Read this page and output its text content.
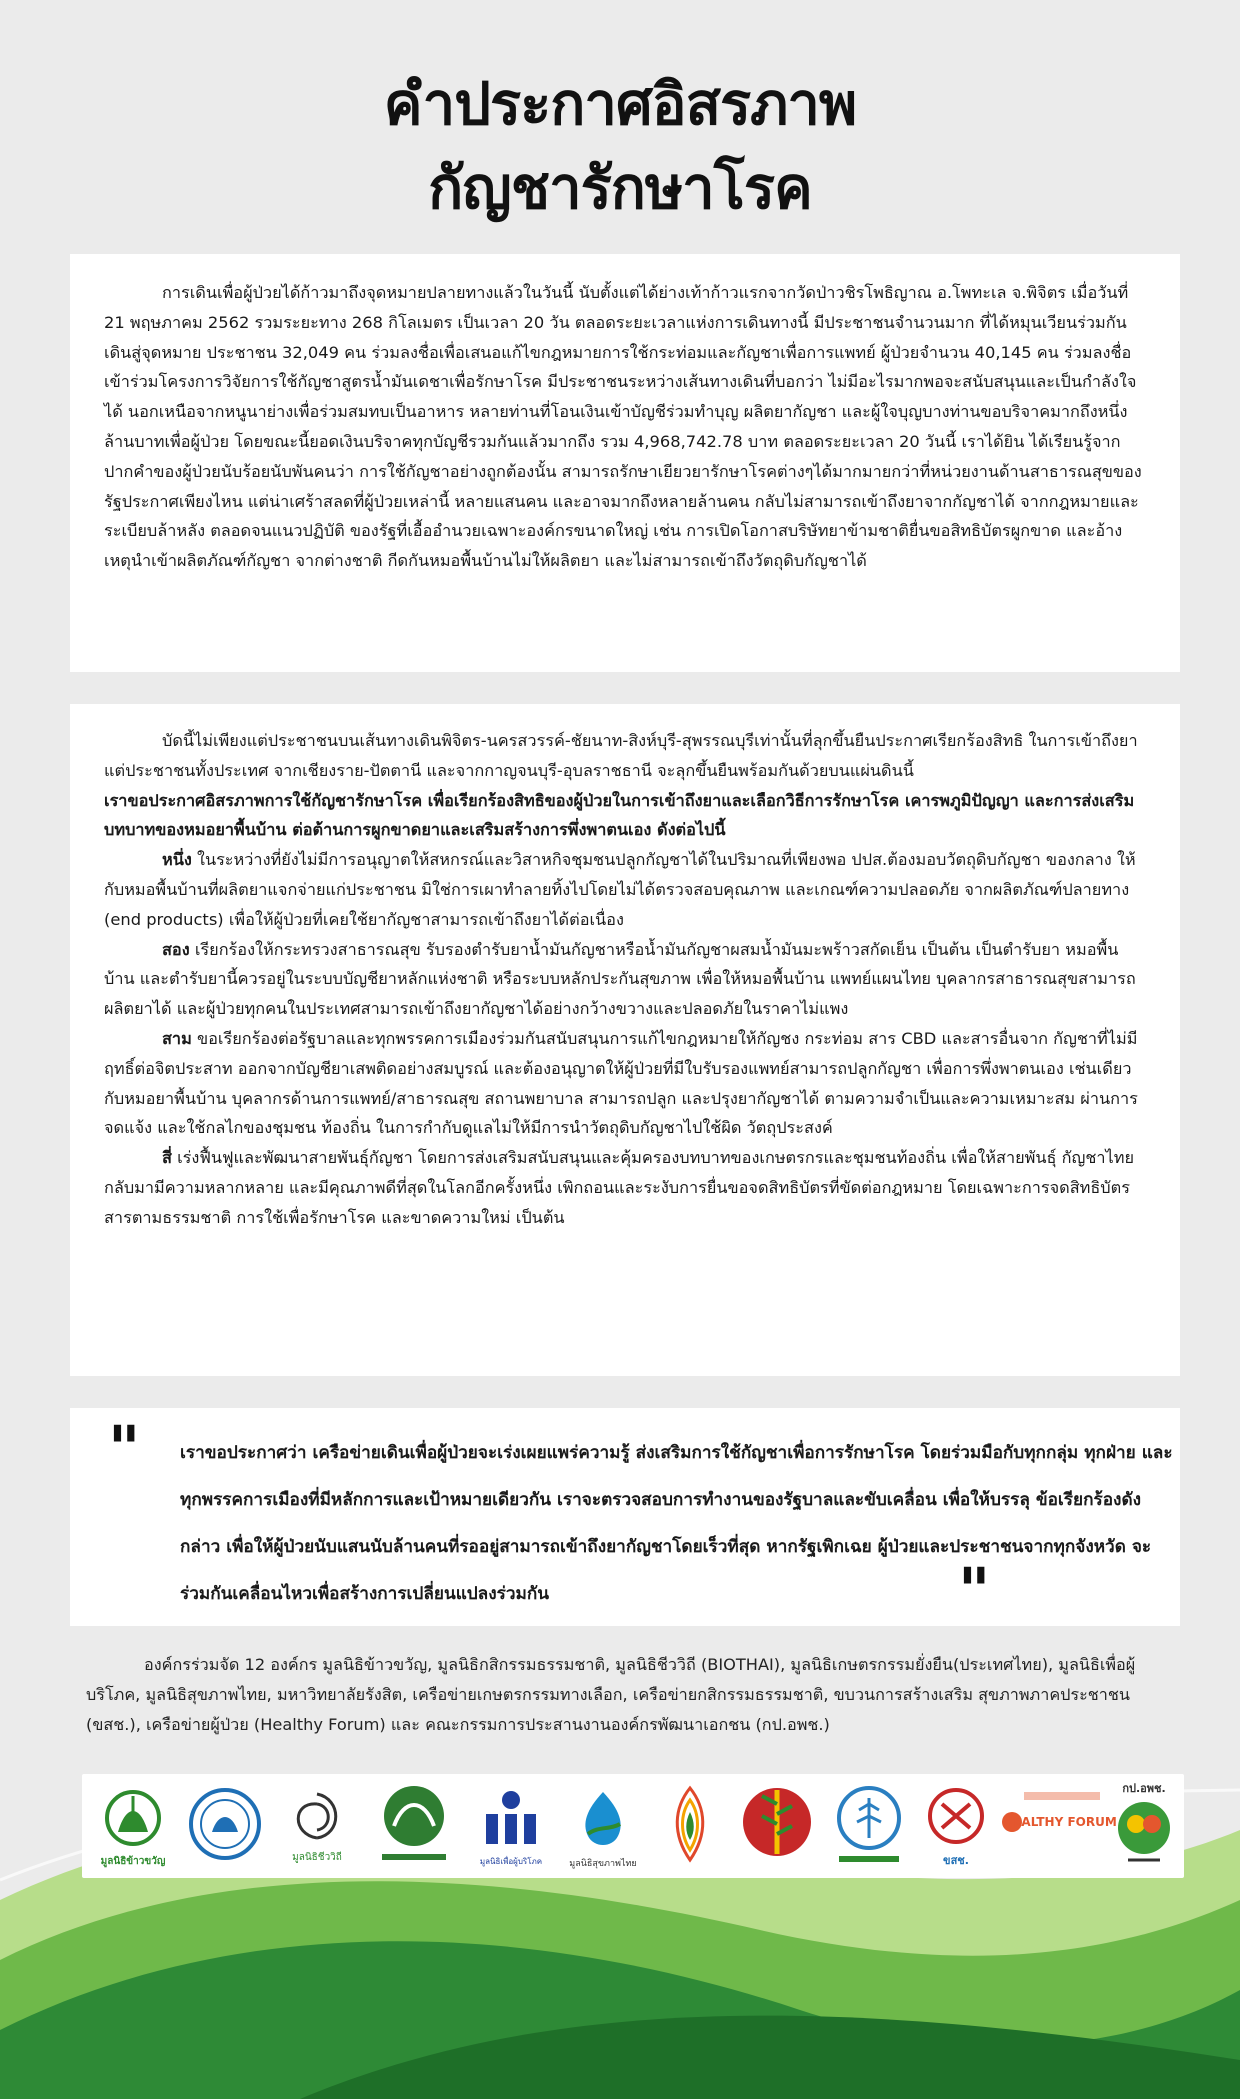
คำประกาศอิสรภาพ
กัญชารักษาโรค

การเดินเพื่อผู้ป่วยได้ก้าวมาถึงจุดหมายปลายทางแล้วในวันนี้ นับตั้งแต่ได้ย่างเท้าก้าวแรกจากวัดป่าวชิรโพธิญาณ อ.โพทะเล จ.พิจิตร เมื่อวันที่ 21 พฤษภาคม 2562 รวมระยะทาง 268 กิโลเมตร เป็นเวลา 20 วัน ตลอดระยะเวลาแห่งการเดินทางนี้ มีประชาชนจำนวนมาก ที่ได้หมุนเวียนร่วมกันเดินสู่จุดหมาย ประชาชน 32,049 คน ร่วมลงชื่อเพื่อเสนอแก้ไขกฎหมายการใช้กระท่อมและกัญชาเพื่อการแพทย์ ผู้ป่วยจำนวน 40,145 คน ร่วมลงชื่อเข้าร่วมโครงการวิจัยการใช้กัญชาสูตรน้ำมันเดชาเพื่อรักษาโรค มีประชาชนระหว่างเส้นทางเดินที่บอกว่า ไม่มีอะไรมากพอจะสนับสนุนและเป็นกำลังใจได้ นอกเหนือจากหนูนาย่างเพื่อร่วมสมทบเป็นอาหาร หลายท่านที่โอนเงินเข้าบัญชีร่วมทำบุญ ผลิตยากัญชา และผู้ใจบุญบางท่านขอบริจาคมากถึงหนึ่งล้านบาทเพื่อผู้ป่วย โดยขณะนี้ยอดเงินบริจาคทุกบัญชีรวมกันแล้วมากถึง รวม 4,968,742.78 บาท ตลอดระยะเวลา 20 วันนี้ เราได้ยิน ได้เรียนรู้จากปากคำของผู้ป่วยนับร้อยนับพันคนว่า การใช้กัญชาอย่างถูกต้องนั้น สามารถรักษาเยียวยารักษาโรคต่างๆได้มากมายกว่าที่หน่วยงานด้านสาธารณสุขของรัฐประกาศเพียงไหน แต่น่าเศร้าสลดที่ผู้ป่วยเหล่านี้ หลายแสนคน และอาจมากถึงหลายล้านคน กลับไม่สามารถเข้าถึงยาจากกัญชาได้ จากกฎหมายและระเบียบล้าหลัง ตลอดจนแนวปฏิบัติ ของรัฐที่เอื้ออำนวยเฉพาะองค์กรขนาดใหญ่ เช่น การเปิดโอกาสบริษัทยาข้ามชาติยื่นขอสิทธิบัตรผูกขาด และอ้างเหตุนำเข้าผลิตภัณฑ์กัญชา จากต่างชาติ กีดกันหมอพื้นบ้านไม่ให้ผลิตยา และไม่สามารถเข้าถึงวัตถุดิบกัญชาได้

บัดนี้ไม่เพียงแต่ประชาชนบนเส้นทางเดินพิจิตร-นครสวรรค์-ชัยนาท-สิงห์บุรี-สุพรรณบุรีเท่านั้นที่ลุกขึ้นยืนประกาศเรียกร้องสิทธิ ในการเข้าถึงยา แต่ประชาชนทั้งประเทศ จากเชียงราย-ปัตตานี และจากกาญจนบุรี-อุบลราชธานี จะลุกขึ้นยืนพร้อมกันด้วยบนแผ่นดินนี้

เราขอประกาศอิสรภาพการใช้กัญชารักษาโรค เพื่อเรียกร้องสิทธิของผู้ป่วยในการเข้าถึงยาและเลือกวิธีการรักษาโรค เคารพภูมิปัญญา และการส่งเสริมบทบาทของหมอยาพื้นบ้าน ต่อต้านการผูกขาดยาและเสริมสร้างการพึ่งพาตนเอง ดังต่อไปนี้

หนึ่ง ในระหว่างที่ยังไม่มีการอนุญาตให้สหกรณ์และวิสาหกิจชุมชนปลูกกัญชาได้ในปริมาณที่เพียงพอ ปปส.ต้องมอบวัตถุดิบกัญชา ของกลาง ให้กับหมอพื้นบ้านที่ผลิตยาแจกจ่ายแก่ประชาชน มิใช่การเผาทำลายทิ้งไปโดยไม่ได้ตรวจสอบคุณภาพ และเกณฑ์ความปลอดภัย จากผลิตภัณฑ์ปลายทาง (end products) เพื่อให้ผู้ป่วยที่เคยใช้ยากัญชาสามารถเข้าถึงยาได้ต่อเนื่อง

สอง เรียกร้องให้กระทรวงสาธารณสุข รับรองตำรับยาน้ำมันกัญชาหรือน้ำมันกัญชาผสมน้ำมันมะพร้าวสกัดเย็น เป็นต้น เป็นตำรับยา หมอพื้นบ้าน และตำรับยานี้ควรอยู่ในระบบบัญชียาหลักแห่งชาติ หรือระบบหลักประกันสุขภาพ เพื่อให้หมอพื้นบ้าน แพทย์แผนไทย บุคลากรสาธารณสุขสามารถผลิตยาได้ และผู้ป่วยทุกคนในประเทศสามารถเข้าถึงยากัญชาได้อย่างกว้างขวางและปลอดภัยในราคาไม่แพง

สาม ขอเรียกร้องต่อรัฐบาลและทุกพรรคการเมืองร่วมกันสนับสนุนการแก้ไขกฎหมายให้กัญชง กระท่อม สาร CBD และสารอื่นจาก กัญชาที่ไม่มีฤทธิ์ต่อจิตประสาท ออกจากบัญชียาเสพติดอย่างสมบูรณ์ และต้องอนุญาตให้ผู้ป่วยที่มีใบรับรองแพทย์สามารถปลูกกัญชา เพื่อการพึ่งพาตนเอง เช่นเดียวกับหมอยาพื้นบ้าน บุคลากรด้านการแพทย์/สาธารณสุข สถานพยาบาล สามารถปลูก และปรุงยากัญชาได้ ตามความจำเป็นและความเหมาะสม ผ่านการจดแจ้ง และใช้กลไกของชุมชน ท้องถิ่น ในการกำกับดูแลไม่ให้มีการนำวัตถุดิบกัญชาไปใช้ผิด วัตถุประสงค์

สี่ เร่งฟื้นฟูและพัฒนาสายพันธุ์กัญชา โดยการส่งเสริมสนับสนุนและคุ้มครองบทบาทของเกษตรกรและชุมชนท้องถิ่น เพื่อให้สายพันธุ์ กัญชาไทยกลับมามีความหลากหลาย และมีคุณภาพดีที่สุดในโลกอีกครั้งหนึ่ง เพิกถอนและระงับการยื่นขอจดสิทธิบัตรที่ขัดต่อกฎหมาย โดยเฉพาะการจดสิทธิบัตรสารตามธรรมชาติ การใช้เพื่อรักษาโรค และขาดความใหม่ เป็นต้น

" เราขอประกาศว่า เครือข่ายเดินเพื่อผู้ป่วยจะเร่งเผยแพร่ความรู้ ส่งเสริมการใช้กัญชาเพื่อการรักษาโรค โดยร่วมมือกับทุกกลุ่ม ทุกฝ่าย และทุกพรรคการเมืองที่มีหลักการและเป้าหมายเดียวกัน เราจะตรวจสอบการทำงานของรัฐบาลและขับเคลื่อน เพื่อให้บรรลุ ข้อเรียกร้องดังกล่าว เพื่อให้ผู้ป่วยนับแสนนับล้านคนที่รออยู่สามารถเข้าถึงยากัญชาโดยเร็วที่สุด หากรัฐเพิกเฉย ผู้ป่วยและประชาชนจากทุกจังหวัด จะร่วมกันเคลื่อนไหวเพื่อสร้างการเปลี่ยนแปลงร่วมกัน	"
องค์กรร่วมจัด 12 องค์กร มูลนิธิข้าวขวัญ, มูลนิธิกสิกรรมธรรมชาติ, มูลนิธิชีววิถี (BIOTHAI), มูลนิธิเกษตรกรรมยั่งยืน(ประเทศไทย), มูลนิธิเพื่อผู้บริโภค, มูลนิธิสุขภาพไทย, มหาวิทยาลัยรังสิต, เครือข่ายเกษตรกรรมทางเลือก, เครือข่ายกสิกรรมธรรมชาติ, ขบวนการสร้างเสริม สุขภาพภาคประชาชน (ขสช.), เครือข่ายผู้ป่วย (Healthy Forum) และ คณะกรรมการประสานงานองค์กรพัฒนาเอกชน (กป.อพช.)
มูลนิธิข้าวขวัญ	มูลนิธิชีววิถี	มูลนิธิเพื่อผู้บริโภค	มูลนิธิสุขภาพไทย	ขสช.
HEALTHY FORUM
กป.อพช.
